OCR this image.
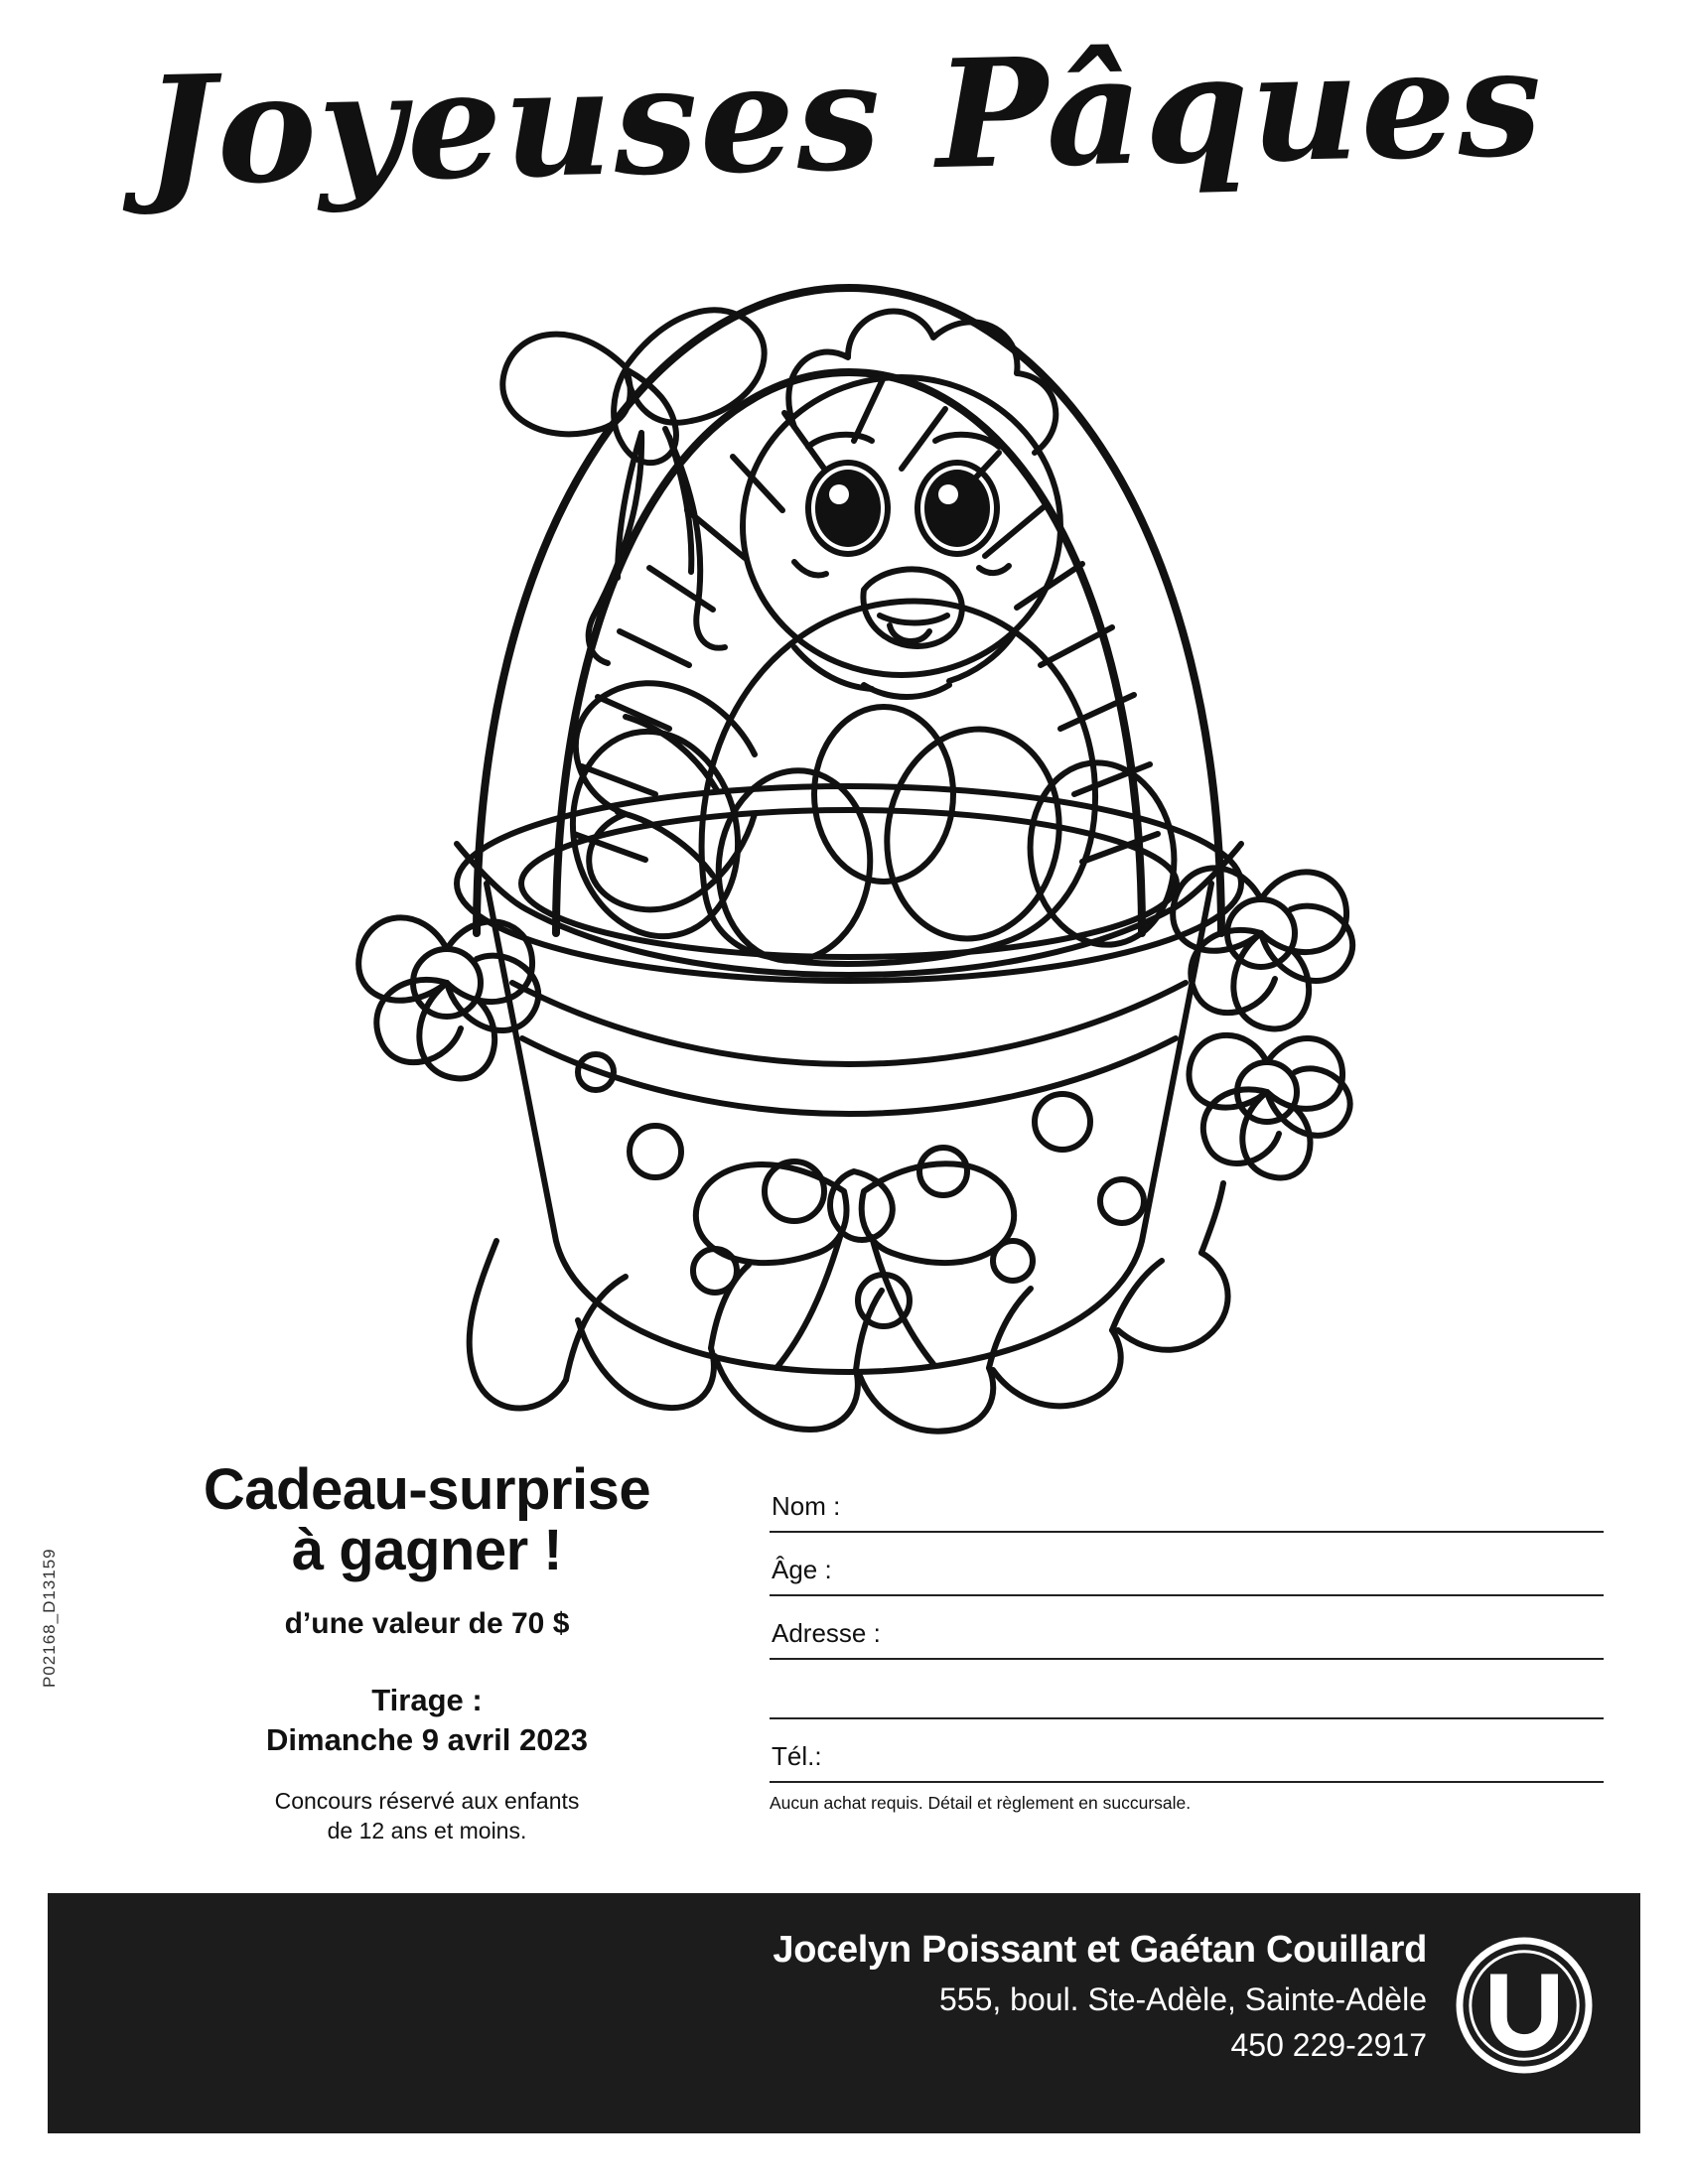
Joyeuses Pâques
P02168_D13159
Cadeau-surprise
à gagner !
d’une valeur de 70 $
Tirage :
Dimanche 9 avril 2023
Concours réservé aux enfants
de 12 ans et moins.
Nom :
Âge :
Adresse :
Tél.:
Aucun achat requis. Détail et règlement en succursale.
Jocelyn Poissant et Gaétan Couillard
555, boul. Ste-Adèle, Sainte-Adèle
450 229-2917
